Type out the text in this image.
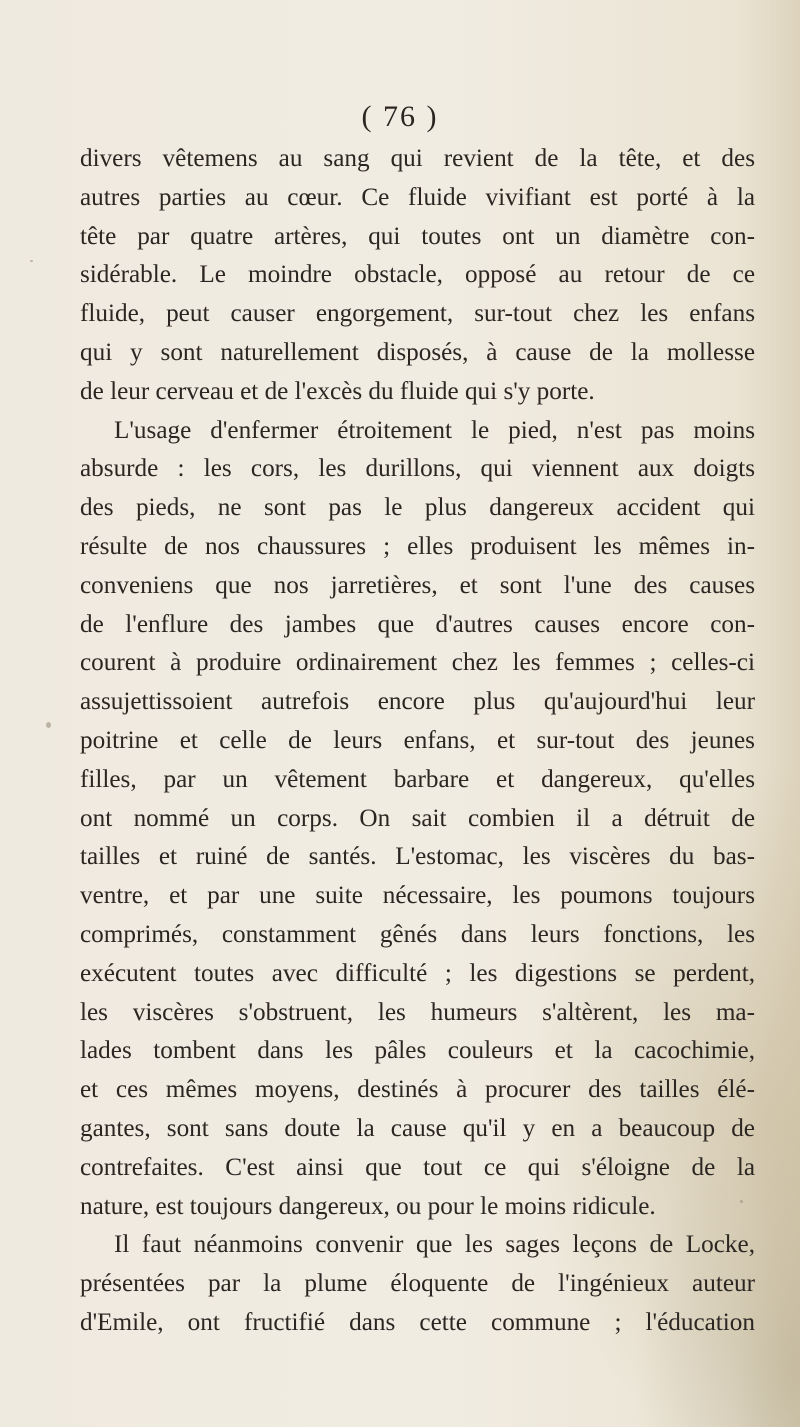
( 76 )

divers vêtemens au sang qui revient de la tête, et des
autres parties au cœur. Ce fluide vivifiant est porté à la
tête par quatre artères, qui toutes ont un diamètre con-
sidérable. Le moindre obstacle, opposé au retour de ce
fluide, peut causer engorgement, sur-tout chez les enfans
qui y sont naturellement disposés, à cause de la mollesse
de leur cerveau et de l'excès du fluide qui s'y porte.

L'usage d'enfermer étroitement le pied, n'est pas moins
absurde : les cors, les durillons, qui viennent aux doigts
des pieds, ne sont pas le plus dangereux accident qui
résulte de nos chaussures ; elles produisent les mêmes in-
conveniens que nos jarretières, et sont l'une des causes
de l'enflure des jambes que d'autres causes encore con-
courent à produire ordinairement chez les femmes ; celles-ci
assujettissoient autrefois encore plus qu'aujourd'hui leur
poitrine et celle de leurs enfans, et sur-tout des jeunes
filles, par un vêtement barbare et dangereux, qu'elles
ont nommé un corps. On sait combien il a détruit de
tailles et ruiné de santés. L'estomac, les viscères du bas-
ventre, et par une suite nécessaire, les poumons toujours
comprimés, constamment gênés dans leurs fonctions, les
exécutent toutes avec difficulté ; les digestions se perdent,
les viscères s'obstruent, les humeurs s'altèrent, les ma-
lades tombent dans les pâles couleurs et la cacochimie,
et ces mêmes moyens, destinés à procurer des tailles élé-
gantes, sont sans doute la cause qu'il y en a beaucoup de
contrefaites. C'est ainsi que tout ce qui s'éloigne de la
nature, est toujours dangereux, ou pour le moins ridicule.

Il faut néanmoins convenir que les sages leçons de Locke,
présentées par la plume éloquente de l'ingénieux auteur
d'Emile, ont fructifié dans cette commune ; l'éducation
